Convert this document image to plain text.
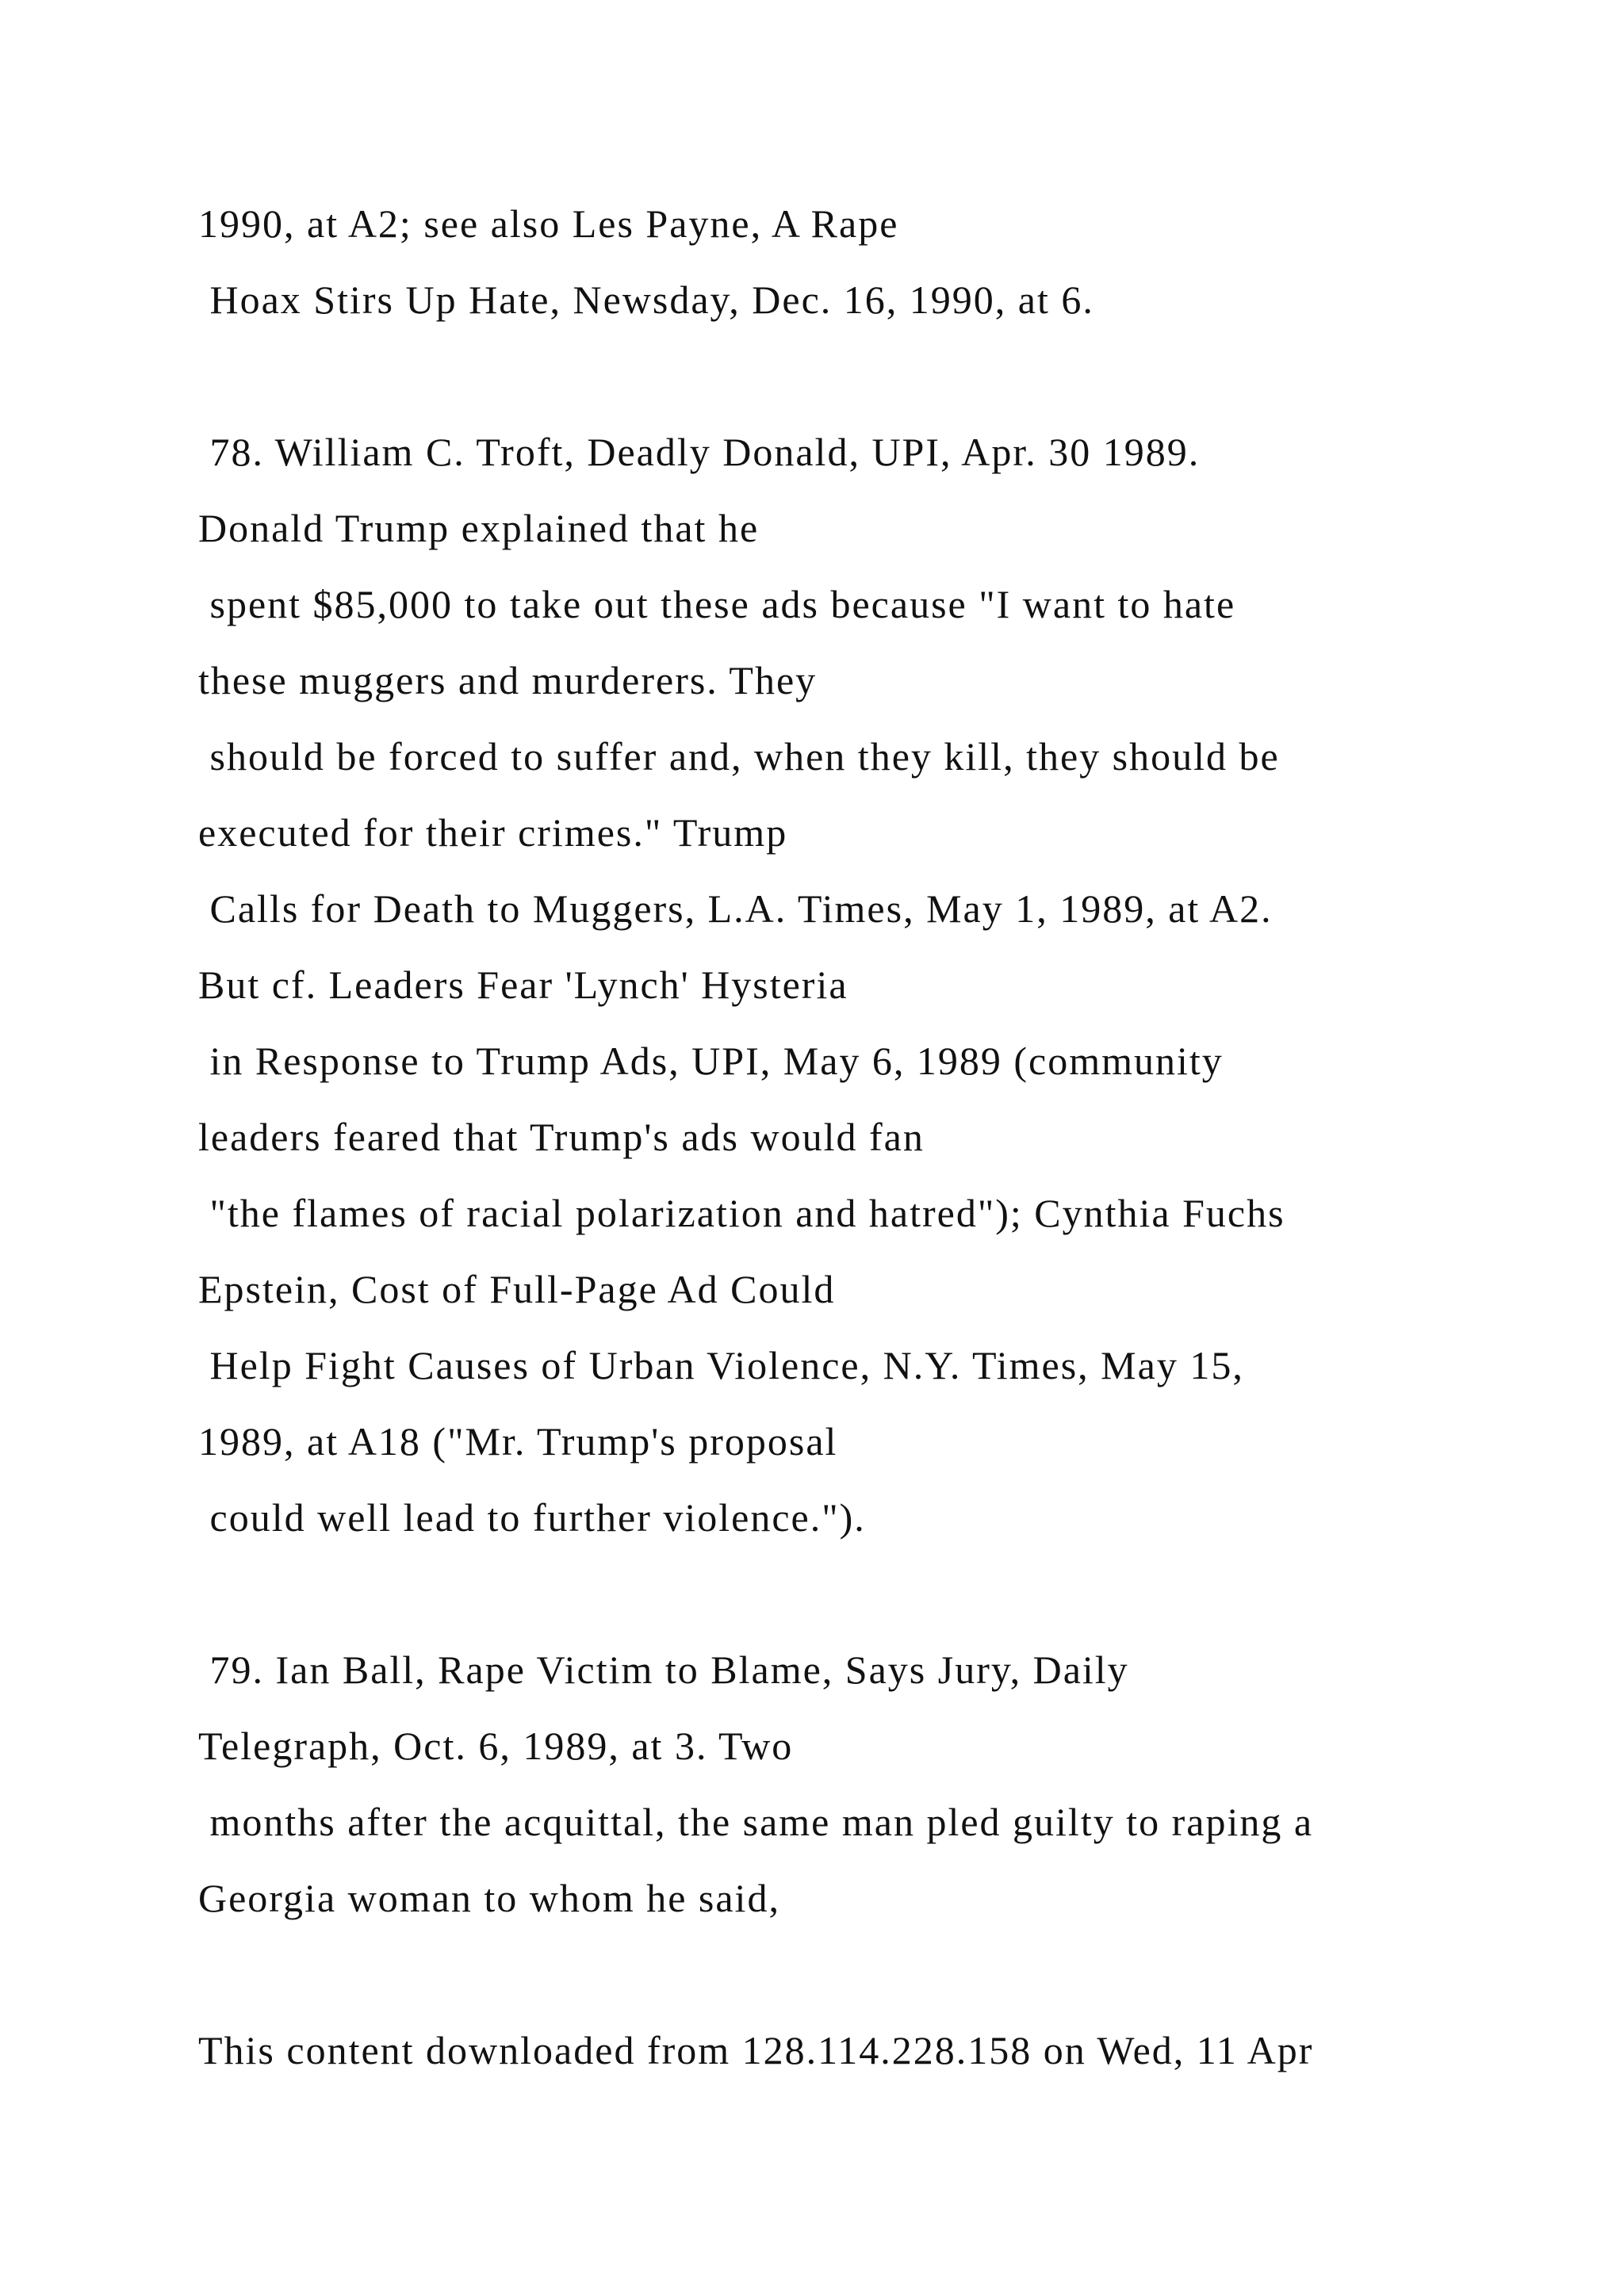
1990, at A2; see also Les Payne, A Rape
Hoax Stirs Up Hate, Newsday, Dec. 16, 1990, at 6.
78. William C. Troft, Deadly Donald, UPI, Apr. 30 1989.
Donald Trump explained that he
spent $85,000 to take out these ads because "I want to hate
these muggers and murderers. They
should be forced to suffer and, when they kill, they should be
executed for their crimes." Trump
Calls for Death to Muggers, L.A. Times, May 1, 1989, at A2.
But cf. Leaders Fear 'Lynch' Hysteria
in Response to Trump Ads, UPI, May 6, 1989 (community
leaders feared that Trump's ads would fan
"the flames of racial polarization and hatred"); Cynthia Fuchs
Epstein, Cost of Full-Page Ad Could
Help Fight Causes of Urban Violence, N.Y. Times, May 15,
1989, at A18 ("Mr. Trump's proposal
could well lead to further violence.").
79. Ian Ball, Rape Victim to Blame, Says Jury, Daily
Telegraph, Oct. 6, 1989, at 3. Two
months after the acquittal, the same man pled guilty to raping a
Georgia woman to whom he said,
This content downloaded from 128.114.228.158 on Wed, 11 Apr
